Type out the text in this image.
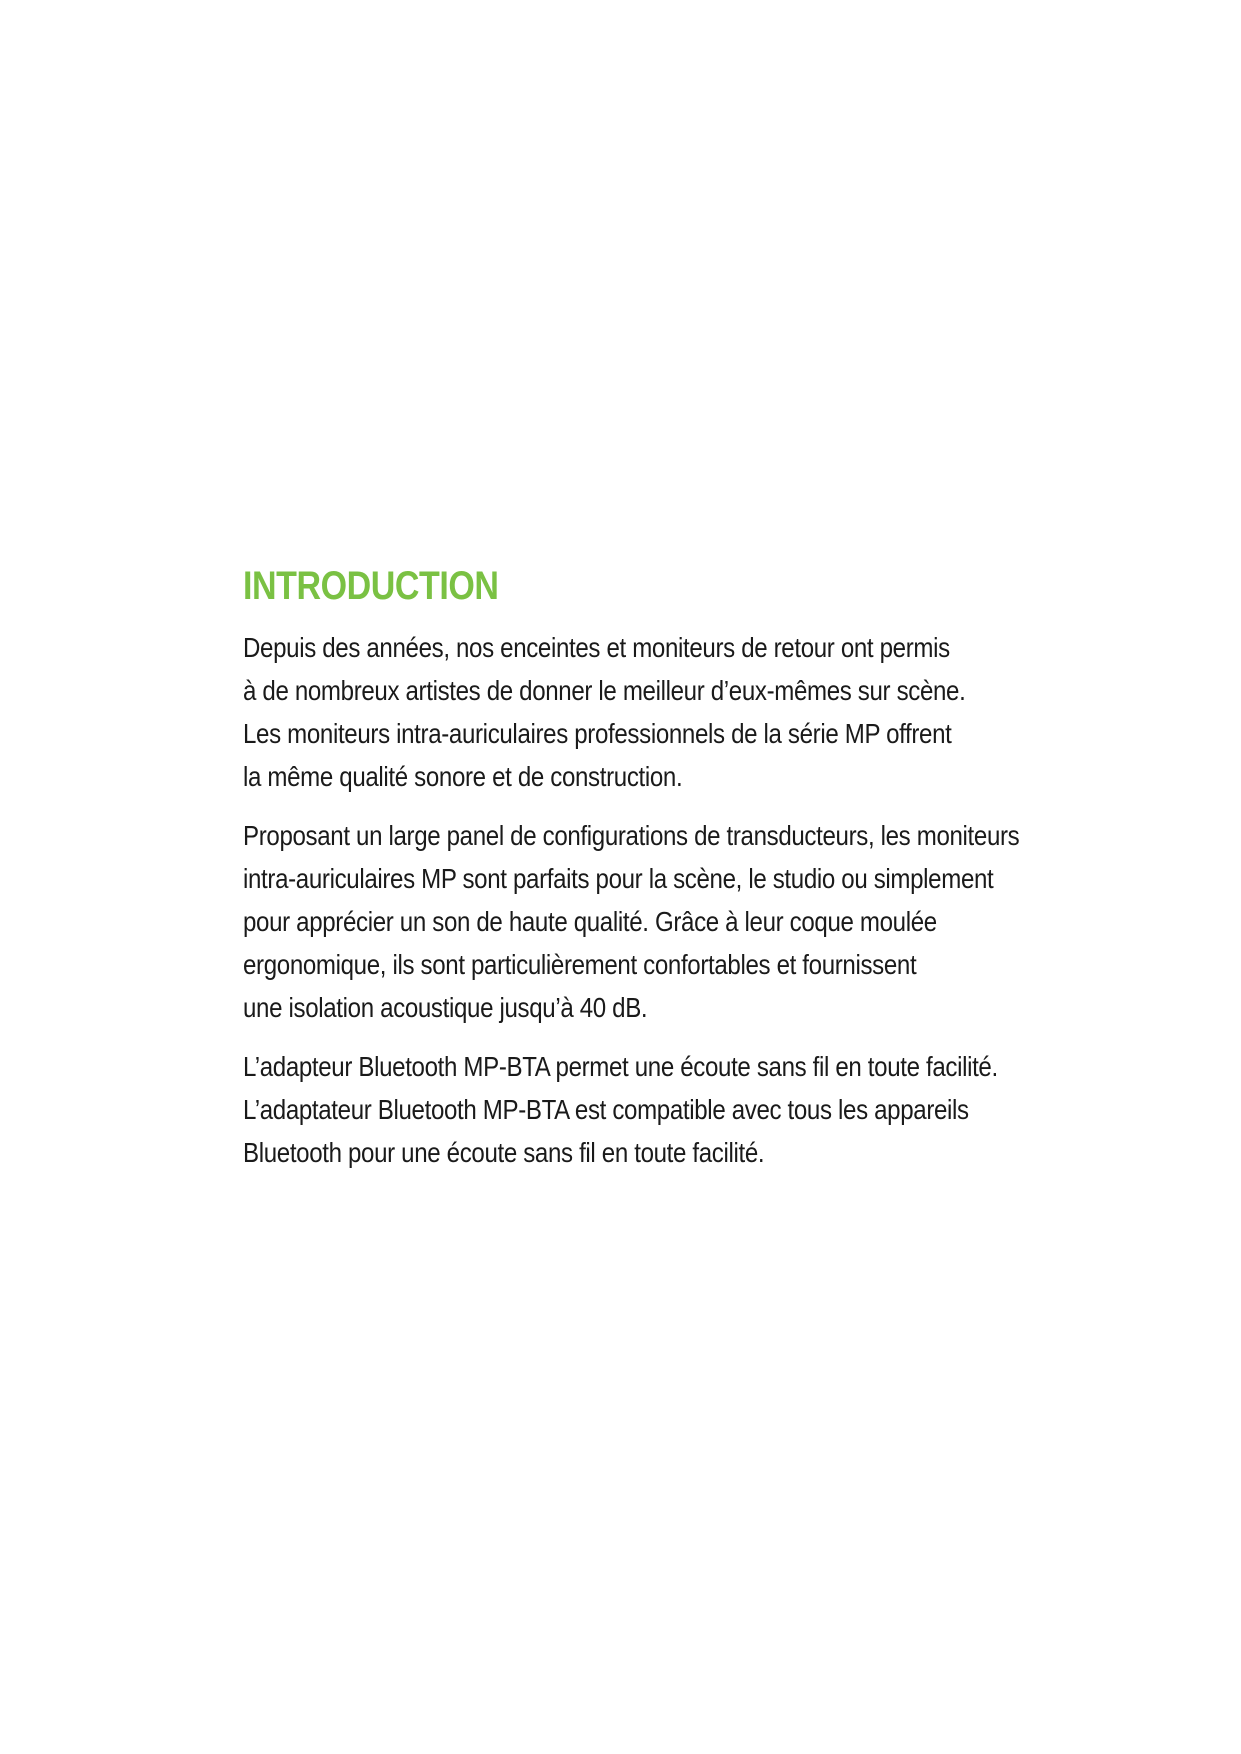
INTRODUCTION

Depuis des années, nos enceintes et moniteurs de retour ont permis
à de nombreux artistes de donner le meilleur d’eux-mêmes sur scène.
Les moniteurs intra-auriculaires professionnels de la série MP offrent
la même qualité sonore et de construction.

Proposant un large panel de configurations de transducteurs, les moniteurs
intra-auriculaires MP sont parfaits pour la scène, le studio ou simplement
pour apprécier un son de haute qualité. Grâce à leur coque moulée
ergonomique, ils sont particulièrement confortables et fournissent
une isolation acoustique jusqu’à 40 dB.

L’adapteur Bluetooth MP-BTA permet une écoute sans fil en toute facilité.
L’adaptateur Bluetooth MP-BTA est compatible avec tous les appareils
Bluetooth pour une écoute sans fil en toute facilité.
